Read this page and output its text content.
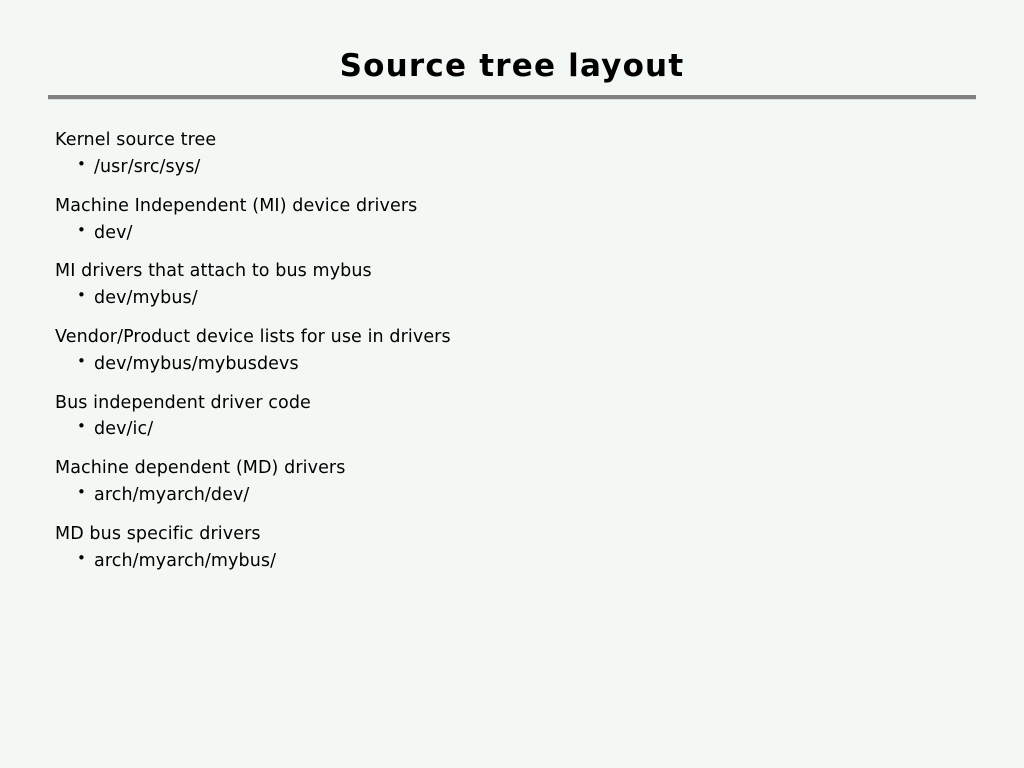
Source tree layout

Kernel source tree

• /usr/src/sys/

Machine Independent (MI) device drivers

• dev/

MI drivers that attach to bus mybus

• dev/mybus/

Vendor/Product device lists for use in drivers

• dev/mybus/mybusdevs

Bus independent driver code

• dev/ic/

Machine dependent (MD) drivers

• arch/myarch/dev/

MD bus specific drivers

• arch/myarch/mybus/
